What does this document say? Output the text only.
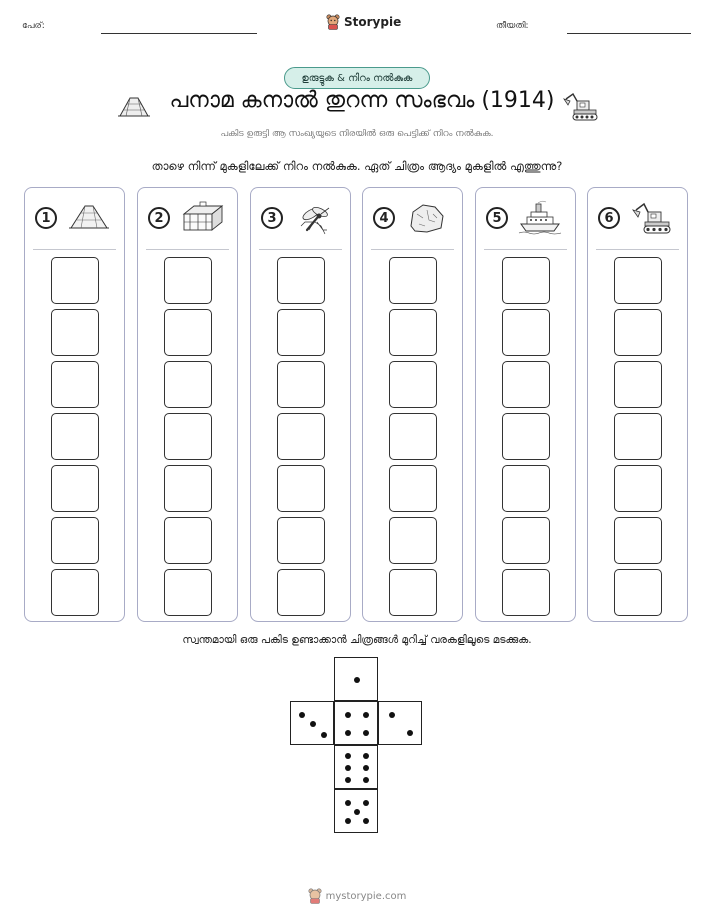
പേര്:	Storypie	തീയതി:
ഉരുട്ടുക & നിറം നൽകുക
പനാമ കനാൽ തുറന്ന സംഭവം (1914)
പകിട ഉരുട്ടി ആ സംഖ്യയുടെ നിരയിൽ ഒരു പെട്ടിക്ക് നിറം നൽകുക.
താഴെ നിന്ന് മുകളിലേക്ക് നിറം നൽകുക. ഏത് ചിത്രം ആദ്യം മുകളിൽ എത്തുന്നു?
1	2	3	4	5	6
സ്വന്തമായി ഒരു പകിട ഉണ്ടാക്കാൻ ചിത്രങ്ങൾ മുറിച്ച് വരകളിലൂടെ മടക്കുക.
mystorypie.com
